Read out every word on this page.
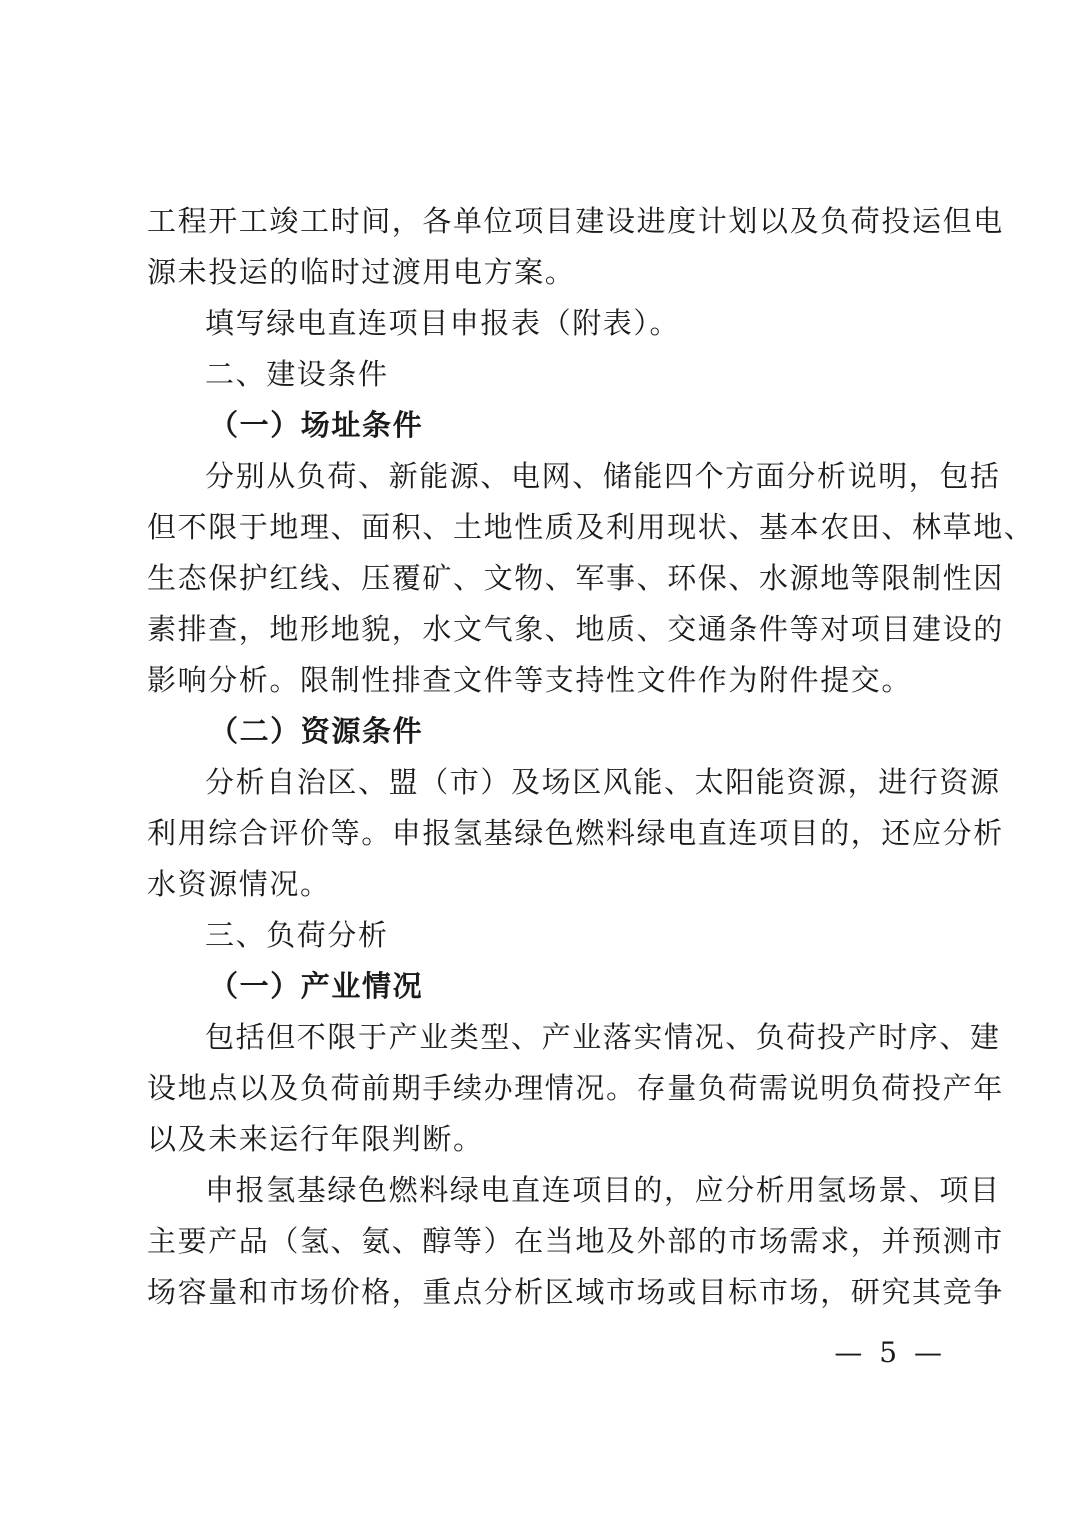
工程开工竣工时间，各单位项目建设进度计划以及负荷投运但电
源未投运的临时过渡用电方案。
填写绿电直连项目申报表（附表）。
二、建设条件
（一）场址条件
分别从负荷、新能源、电网、储能四个方面分析说明，包括
但不限于地理、面积、土地性质及利用现状、基本农田、林草地、
生态保护红线、压覆矿、文物、军事、环保、水源地等限制性因
素排查，地形地貌，水文气象、地质、交通条件等对项目建设的
影响分析。限制性排查文件等支持性文件作为附件提交。
（二）资源条件
分析自治区、盟（市）及场区风能、太阳能资源，进行资源
利用综合评价等。申报氢基绿色燃料绿电直连项目的，还应分析
水资源情况。
三、负荷分析
（一）产业情况
包括但不限于产业类型、产业落实情况、负荷投产时序、建
设地点以及负荷前期手续办理情况。存量负荷需说明负荷投产年
以及未来运行年限判断。
申报氢基绿色燃料绿电直连项目的，应分析用氢场景、项目
主要产品（氢、氨、醇等）在当地及外部的市场需求，并预测市
场容量和市场价格，重点分析区域市场或目标市场，研究其竞争
— 5 —
